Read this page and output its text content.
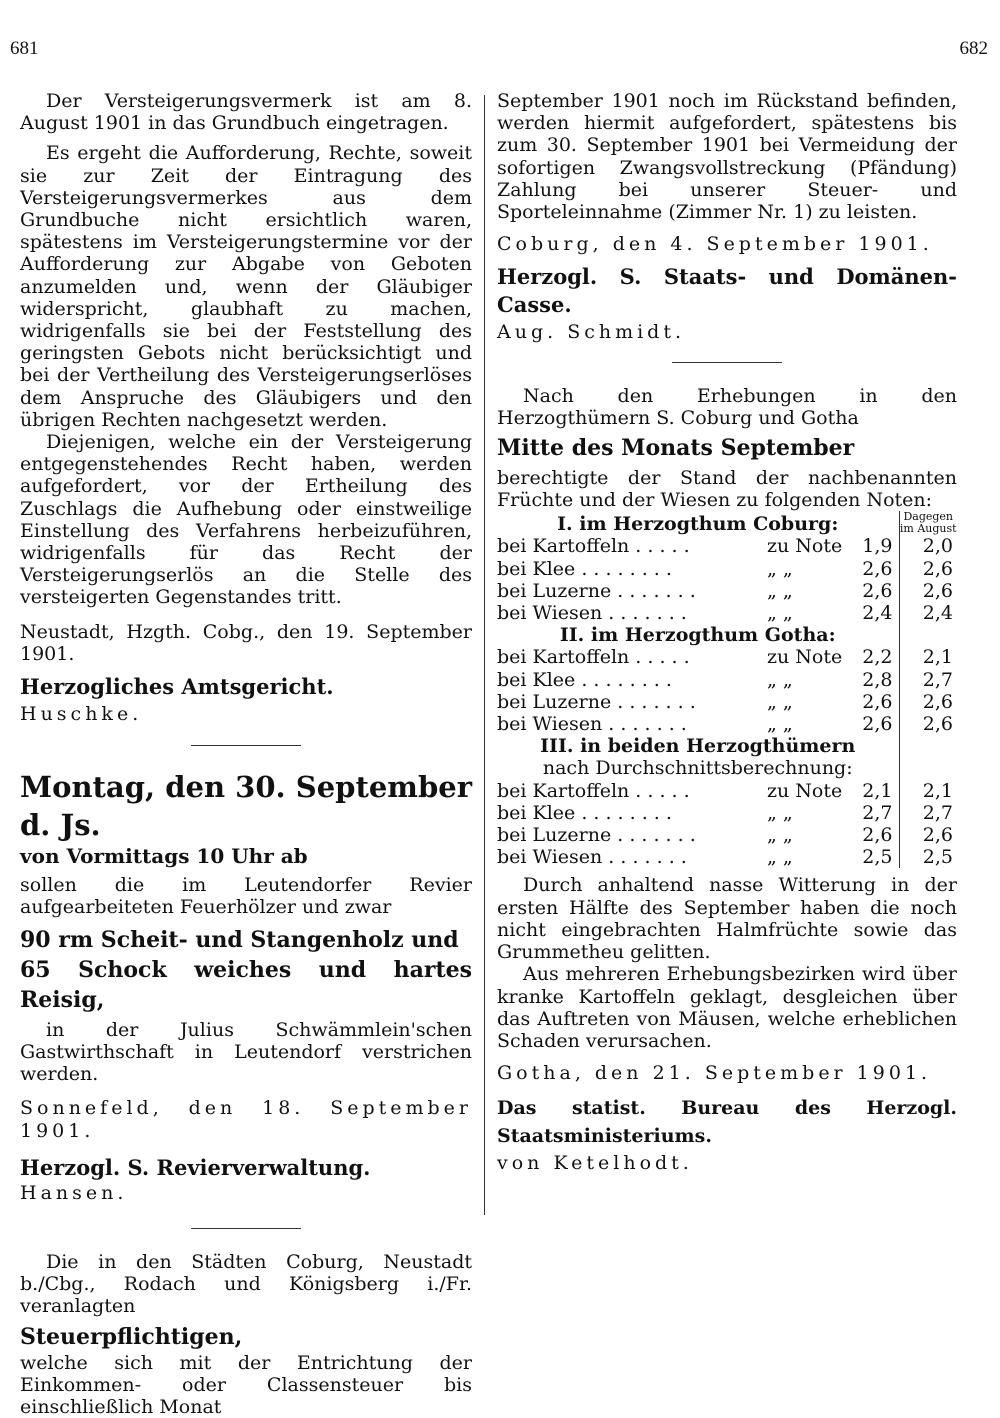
681	682

Der Versteigerungsvermerk ist am 8. August 1901 in das Grundbuch eingetragen.

Es ergeht die Aufforderung, Rechte, soweit sie zur Zeit der Eintragung des Versteigerungsvermerkes aus dem Grundbuche nicht ersichtlich waren, spätestens im Versteigerungstermine vor der Aufforderung zur Abgabe von Geboten anzumelden und, wenn der Gläubiger widerspricht, glaubhaft zu machen, widrigenfalls sie bei der Feststellung des geringsten Gebots nicht berücksichtigt und bei der Vertheilung des Versteigerungserlöses dem Anspruche des Gläubigers und den übrigen Rechten nachgesetzt werden.

Diejenigen, welche ein der Versteigerung entgegenstehendes Recht haben, werden aufgefordert, vor der Ertheilung des Zuschlags die Aufhebung oder einstweilige Einstellung des Verfahrens herbeizuführen, widrigenfalls für das Recht der Versteigerungserlös an die Stelle des versteigerten Gegenstandes tritt.

Neustadt, Hzgth. Cobg., den 19. September 1901.

Herzogliches Amtsgericht.

Huschke.

Montag, den 30. September d. Js.

von Vormittags 10 Uhr ab

sollen die im Leutendorfer Revier aufgearbeiteten Feuerhölzer und zwar

90 rm Scheit- und Stangenholz und

65 Schock weiches und hartes Reisig,

in der Julius Schwämmlein'schen Gastwirthschaft in Leutendorf verstrichen werden.

Sonnefeld, den 18. September 1901.

Herzogl. S. Revierverwaltung.

Hansen.

Die in den Städten Coburg, Neustadt b./Cbg., Rodach und Königsberg i./Fr. veranlagten

Steuerpflichtigen,

welche sich mit der Entrichtung der Einkommen- oder Classensteuer bis einschließlich Monat

September 1901 noch im Rückstand befinden, werden hiermit aufgefordert, spätestens bis zum 30. September 1901 bei Vermeidung der sofortigen Zwangsvollstreckung (Pfändung) Zahlung bei unserer Steuer- und Sporteleinnahme (Zimmer Nr. 1) zu leisten.

Coburg, den 4. September 1901.

Herzogl. S. Staats- und Domänen-Casse.

Aug. Schmidt.

Nach den Erhebungen in den Herzogthümern S. Coburg und Gotha

Mitte des Monats September

berechtigte der Stand der nachbenannten Früchte und der Wiesen zu folgenden Noten:

I. im Herzogthum Coburg:			Dagegen im August
bei Kartoffeln . . . . .	zu Note	1,9	2,0
bei Klee . . . . . . . .	„ „	2,6	2,6
bei Luzerne . . . . . . .	„ „	2,6	2,6
bei Wiesen . . . . . . .	„ „	2,4	2,4
II. im Herzogthum Gotha:			
bei Kartoffeln . . . . .	zu Note	2,2	2,1
bei Klee . . . . . . . .	„ „	2,8	2,7
bei Luzerne . . . . . . .	„ „	2,6	2,6
bei Wiesen . . . . . . .	„ „	2,6	2,6
III. in beiden Herzogthümern			
nach Durchschnittsberechnung:			
bei Kartoffeln . . . . .	zu Note	2,1	2,1
bei Klee . . . . . . . .	„ „	2,7	2,7
bei Luzerne . . . . . . .	„ „	2,6	2,6
bei Wiesen . . . . . . .	„ „	2,5	2,5

Durch anhaltend nasse Witterung in der ersten Hälfte des September haben die noch nicht eingebrachten Halmfrüchte sowie das Grummetheu gelitten.

Aus mehreren Erhebungsbezirken wird über kranke Kartoffeln geklagt, desgleichen über das Auftreten von Mäusen, welche erheblichen Schaden verursachen.

Gotha, den 21. September 1901.

Das statist. Bureau des Herzogl. Staatsministeriums.

von Ketelhodt.
